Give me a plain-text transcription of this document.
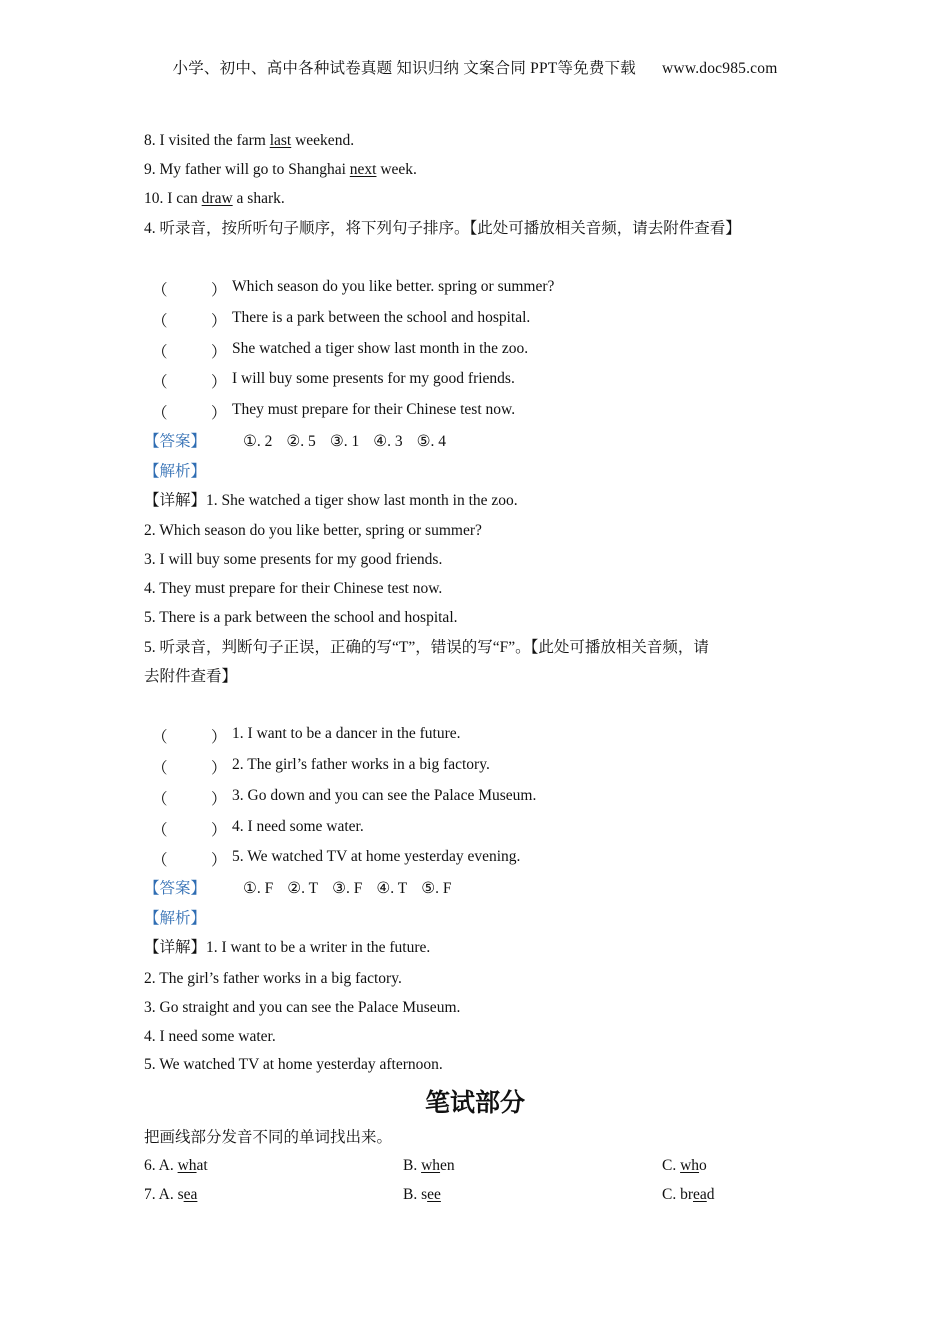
小学、初中、高中各种试卷真题 知识归纳 文案合同 PPT等免费下载 www.doc985.com
8. I visited the farm last weekend.
9. My father will go to Shanghai next week.
10. I can draw a shark.
4. 听录音，按所听句子顺序，将下列句子排序。【此处可播放相关音频，请去附件查看】
（	） Which season do you like better. spring or summer?
（	） There is a park between the school and hospital.
（	） She watched a tiger show last month in the zoo.
（	） I will buy some presents for my good friends.
（	） They must prepare for their Chinese test now.
【答案】 ①. 2 ②. 5 ③. 1 ④. 3 ⑤. 4
【解析】
【详解】1. She watched a tiger show last month in the zoo.
2. Which season do you like better, spring or summer?
3. I will buy some presents for my good friends.
4. They must prepare for their Chinese test now.
5. There is a park between the school and hospital.
5. 听录音，判断句子正误，正确的写“T”，错误的写“F”。【此处可播放相关音频，请
去附件查看】
（	） 1. I want to be a dancer in the future.
（	） 2. The girl’s father works in a big factory.
（	） 3. Go down and you can see the Palace Museum.
（	） 4. I need some water.
（	） 5. We watched TV at home yesterday evening.
【答案】 ①. F ②. T ③. F ④. T ⑤. F
【解析】
【详解】1. I want to be a writer in the future.
2. The girl’s father works in a big factory.
3. Go straight and you can see the Palace Museum.
4. I need some water.
5. We watched TV at home yesterday afternoon.
笔试部分
把画线部分发音不同的单词找出来。
6. A. what	B. when	C. who
7. A. sea	B. see	C. bread
